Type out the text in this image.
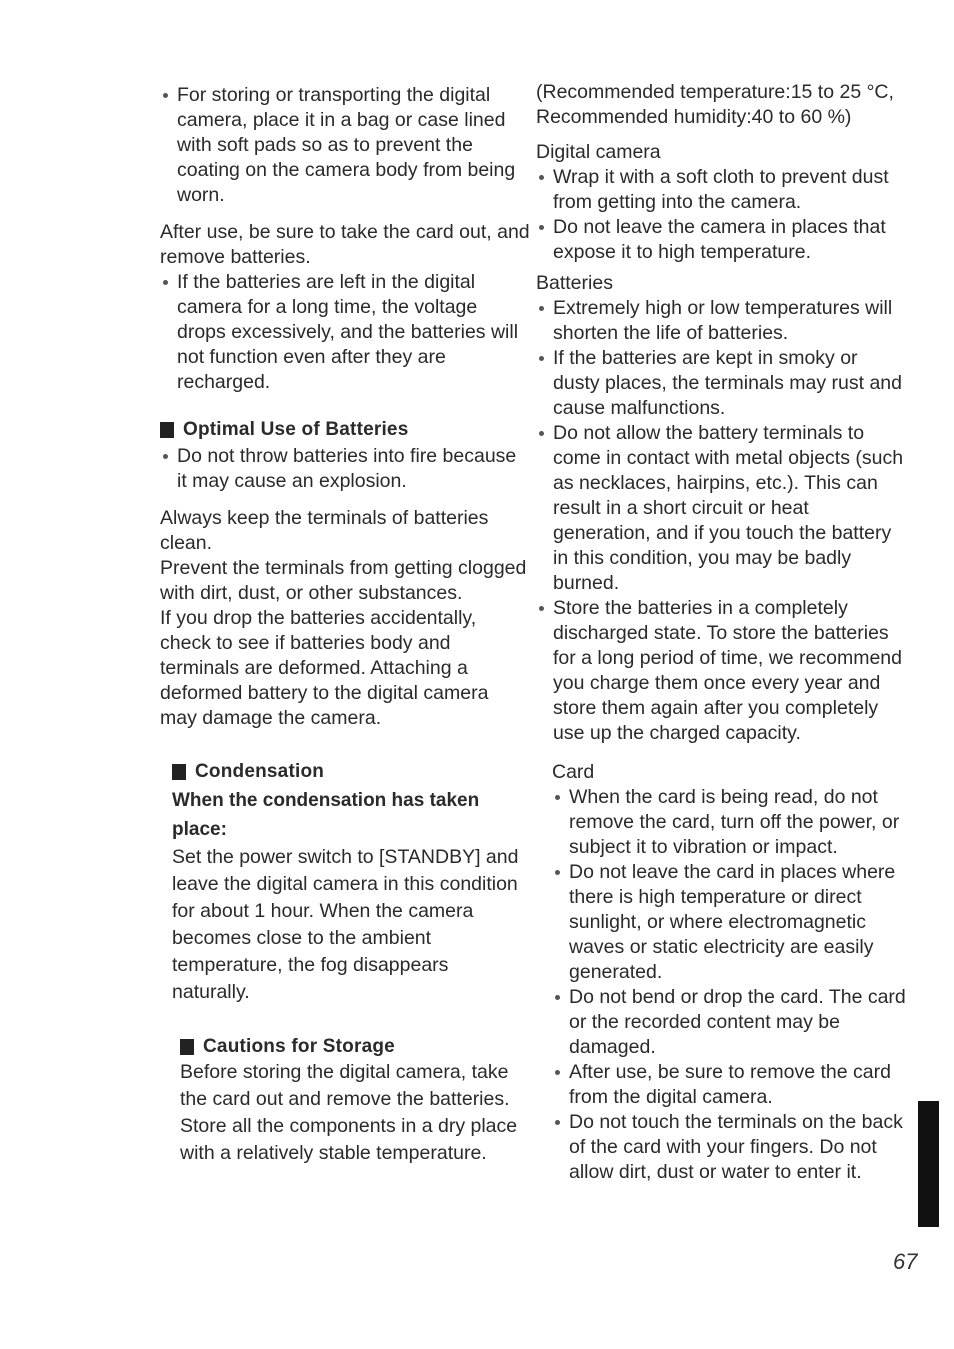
For storing or transporting the digital camera, place it in a bag or case lined with soft pads so as to prevent the coating on the camera body from being worn.

After use, be sure to take the card out, and remove batteries.

If the batteries are left in the digital camera for a long time, the voltage drops excessively, and the batteries will not function even after they are recharged.

Optimal Use of Batteries

Do not throw batteries into fire because it may cause an explosion.

Always keep the terminals of batteries clean.

Prevent the terminals from getting clogged with dirt, dust, or other substances.

If you drop the batteries accidentally, check to see if batteries body and terminals are deformed. Attaching a deformed battery to the digital camera may damage the camera.

Condensation

When the condensation has taken place:

Set the power switch to [STANDBY] and leave the digital camera in this condition for about 1 hour. When the camera becomes close to the ambient temperature, the fog disappears naturally.

Cautions for Storage

Before storing the digital camera, take the card out and remove the batteries.

Store all the components in a dry place with a relatively stable temperature.

(Recommended temperature:15 to 25 °C, Recommended humidity:40 to 60 %)

Digital camera

Wrap it with a soft cloth to prevent dust from getting into the camera.

Do not leave the camera in places that expose it to high temperature.

Batteries

Extremely high or low temperatures will shorten the life of batteries.

If the batteries are kept in smoky or dusty places, the terminals may rust and cause malfunctions.

Do not allow the battery terminals to come in contact with metal objects (such as necklaces, hairpins, etc.). This can result in a short circuit or heat generation, and if you touch the battery in this condition, you may be badly burned.

Store the batteries in a completely discharged state. To store the batteries for a long period of time, we recommend you charge them once every year and store them again after you completely use up the charged capacity.

Card

When the card is being read, do not remove the card, turn off the power, or subject it to vibration or impact.

Do not leave the card in places where there is high temperature or direct sunlight, or where electromagnetic waves or static electricity are easily generated.

Do not bend or drop the card. The card or the recorded content may be damaged.

After use, be sure to remove the card from the digital camera.

Do not touch the terminals on the back of the card with your fingers. Do not allow dirt, dust or water to enter it.

67
